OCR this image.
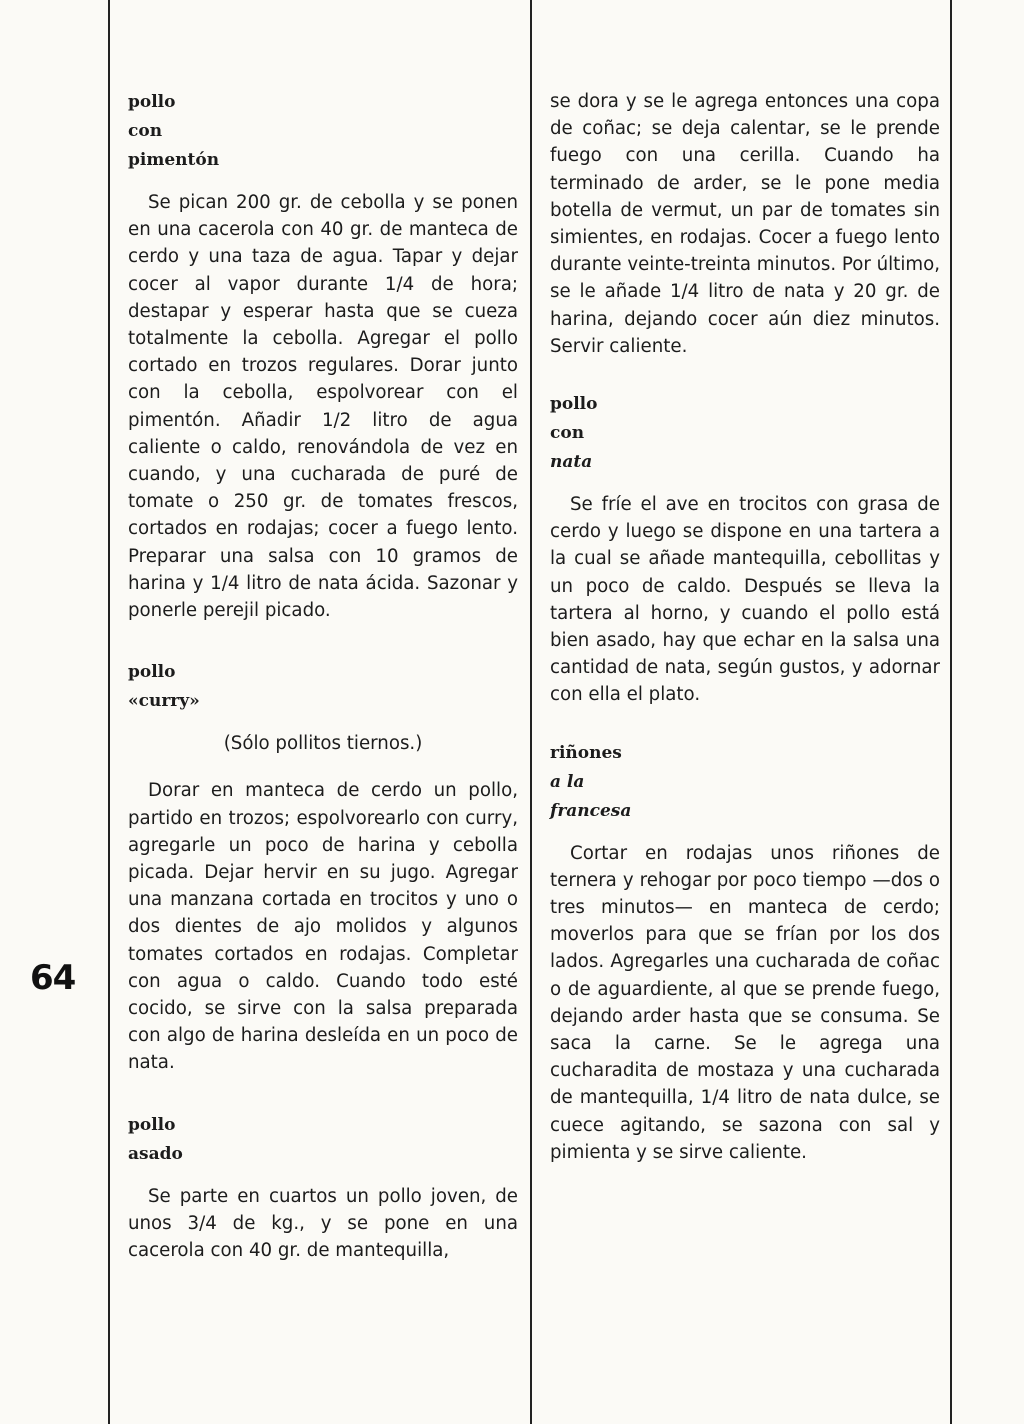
64
pollo
con
pimentón

Se pican 200 gr. de cebolla y se ponen en una cacerola con 40 gr. de manteca de cerdo y una taza de agua. Tapar y dejar cocer al vapor durante 1/4 de hora; destapar y esperar hasta que se cueza totalmente la cebolla. Agregar el pollo cortado en trozos regulares. Dorar junto con la cebolla, espolvorear con el pimentón. Añadir 1/2 litro de agua caliente o caldo, renovándola de vez en cuando, y una cucharada de puré de tomate o 250 gr. de tomates frescos, cortados en rodajas; cocer a fuego lento. Preparar una salsa con 10 gramos de harina y 1/4 litro de nata ácida. Sazonar y ponerle perejil picado.

pollo
«curry»
(Sólo pollitos tiernos.)

Dorar en manteca de cerdo un pollo, partido en trozos; espolvorearlo con curry, agregarle un poco de harina y cebolla picada. Dejar hervir en su jugo. Agregar una manzana cortada en trocitos y uno o dos dientes de ajo molidos y algunos tomates cortados en rodajas. Completar con agua o caldo. Cuando todo esté cocido, se sirve con la salsa preparada con algo de harina desleída en un poco de nata.

pollo
asado

Se parte en cuartos un pollo joven, de unos 3/4 de kg., y se pone en una cacerola con 40 gr. de mantequilla,

se dora y se le agrega entonces una copa de coñac; se deja calentar, se le prende fuego con una cerilla. Cuando ha terminado de arder, se le pone media botella de vermut, un par de tomates sin simientes, en rodajas. Cocer a fuego lento durante veinte-treinta minutos. Por último, se le añade 1/4 litro de nata y 20 gr. de harina, dejando cocer aún diez minutos. Servir caliente.

pollo
con
nata

Se fríe el ave en trocitos con grasa de cerdo y luego se dispone en una tartera a la cual se añade mantequilla, cebollitas y un poco de caldo. Después se lleva la tartera al horno, y cuando el pollo está bien asado, hay que echar en la salsa una cantidad de nata, según gustos, y adornar con ella el plato.

riñones
a la
francesa

Cortar en rodajas unos riñones de ternera y rehogar por poco tiempo —dos o tres minutos— en manteca de cerdo; moverlos para que se frían por los dos lados. Agregarles una cucharada de coñac o de aguardiente, al que se prende fuego, dejando arder hasta que se consuma. Se saca la carne. Se le agrega una cucharadita de mostaza y una cucharada de mantequilla, 1/4 litro de nata dulce, se cuece agitando, se sazona con sal y pimienta y se sirve caliente.
